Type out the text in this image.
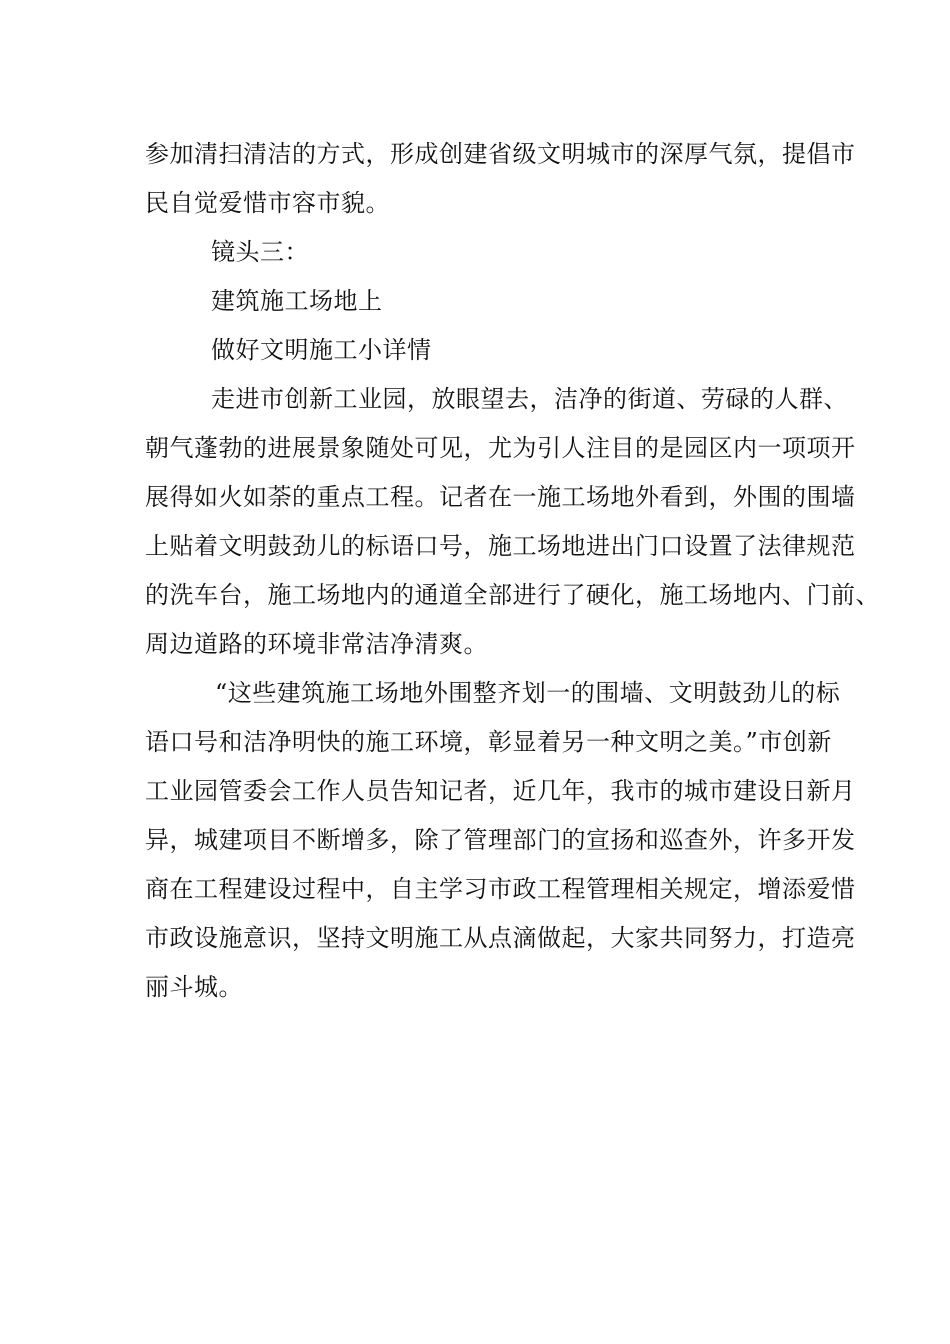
参加清扫清洁的方式，形成创建省级文明城市的深厚气氛，提倡市
民自觉爱惜市容市貌。
镜头三：
建筑施工场地上
做好文明施工小详情
走进市创新工业园，放眼望去，洁净的街道、劳碌的人群、
朝气蓬勃的进展景象随处可见，尤为引人注目的是园区内一项项开
展得如火如荼的重点工程。记者在一施工场地外看到，外围的围墙
上贴着文明鼓劲儿的标语口号，施工场地进出门口设置了法律规范
的洗车台，施工场地内的通道全部进行了硬化，施工场地内、门前、
周边道路的环境非常洁净清爽。
“这些建筑施工场地外围整齐划一的围墙、文明鼓劲儿的标
语口号和洁净明快的施工环境，彰显着另一种文明之美。”市创新
工业园管委会工作人员告知记者，近几年，我市的城市建设日新月
异，城建项目不断增多，除了管理部门的宣扬和巡查外，许多开发
商在工程建设过程中，自主学习市政工程管理相关规定，增添爱惜
市政设施意识，坚持文明施工从点滴做起，大家共同努力，打造亮
丽斗城。
